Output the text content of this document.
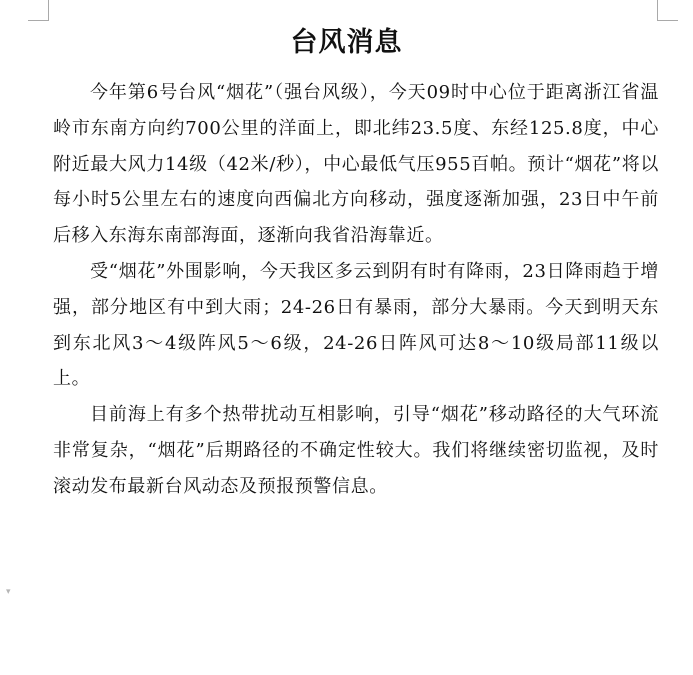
▾
台风消息

今年第6号台风“烟花”（强台风级），今天09时中心位于距离浙江省温岭市东南方向约700公里的洋面上，即北纬23.5度、东经125.8度，中心附近最大风力14级（42米/秒），中心最低气压955百帕。预计“烟花”将以每小时5公里左右的速度向西偏北方向移动，强度逐渐加强，23日中午前后移入东海东南部海面，逐渐向我省沿海靠近。

受“烟花”外围影响，今天我区多云到阴有时有降雨，23日降雨趋于增强，部分地区有中到大雨；24-26日有暴雨，部分大暴雨。今天到明天东到东北风3～4级阵风5～6级，24-26日阵风可达8～10级局部11级以上。

目前海上有多个热带扰动互相影响，引导“烟花”移动路径的大气环流非常复杂，“烟花”后期路径的不确定性较大。我们将继续密切监视，及时滚动发布最新台风动态及预报预警信息。
